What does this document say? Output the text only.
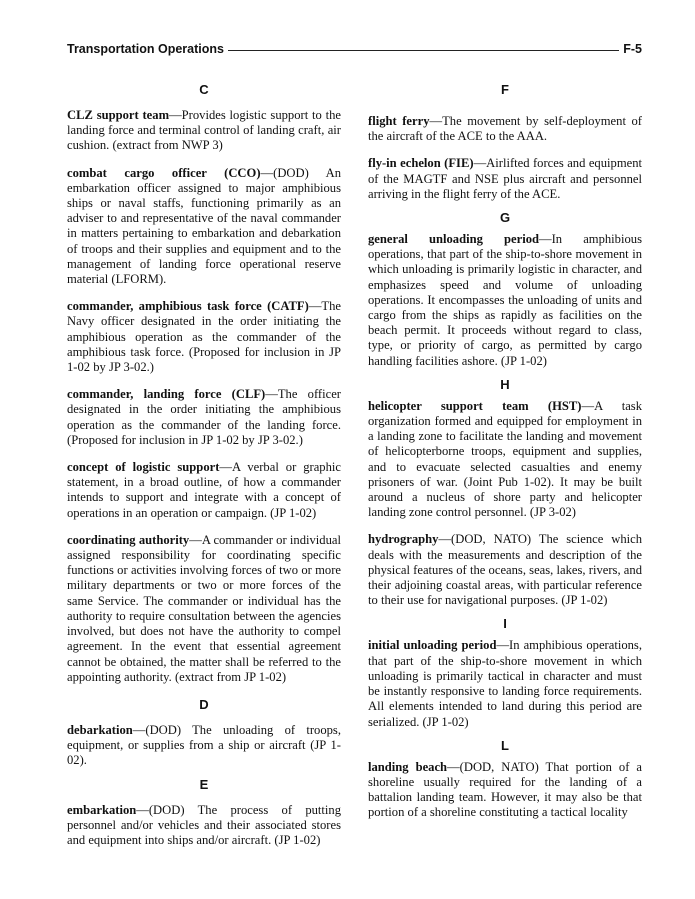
Transportation Operations	F-5
C

CLZ support team—Provides logistic support to the landing force and terminal control of landing craft, air cushion. (extract from NWP 3)

combat cargo officer (CCO)—(DOD) An embarkation officer assigned to major amphibious ships or naval staffs, functioning primarily as an adviser to and representative of the naval commander in matters pertaining to embarkation and debarkation of troops and their supplies and equipment and to the management of landing force operational reserve material (LFORM).

commander, amphibious task force (CATF)—The Navy officer designated in the order initiating the amphibious operation as the commander of the amphibious task force. (Proposed for inclusion in JP 1-02 by JP 3-02.)

commander, landing force (CLF)—The officer designated in the order initiating the amphibious operation as the commander of the landing force. (Proposed for inclusion in JP 1-02 by JP 3-02.)

concept of logistic support—A verbal or graphic statement, in a broad outline, of how a commander intends to support and integrate with a concept of operations in an operation or campaign. (JP 1-02)

coordinating authority—A commander or individual assigned responsibility for coordinating specific functions or activities involving forces of two or more military departments or two or more forces of the same Service. The commander or individual has the authority to require consultation between the agencies involved, but does not have the authority to compel agreement. In the event that essential agreement cannot be obtained, the matter shall be referred to the appointing authority. (extract from JP 1-02)

D

debarkation—(DOD) The unloading of troops, equipment, or supplies from a ship or aircraft (JP 1-02).

E

embarkation—(DOD) The process of putting personnel and/or vehicles and their associated stores and equipment into ships and/or aircraft. (JP 1-02)

F

flight ferry—The movement by self-deployment of the aircraft of the ACE to the AAA.

fly-in echelon (FIE)—Airlifted forces and equipment of the MAGTF and NSE plus aircraft and personnel arriving in the flight ferry of the ACE.

G

general unloading period—In amphibious operations, that part of the ship-to-shore movement in which unloading is primarily logistic in character, and emphasizes speed and volume of unloading operations. It encompasses the unloading of units and cargo from the ships as rapidly as facilities on the beach permit. It proceeds without regard to class, type, or priority of cargo, as permitted by cargo handling facilities ashore. (JP 1-02)

H

helicopter support team (HST)—A task organization formed and equipped for employment in a landing zone to facilitate the landing and movement of helicopterborne troops, equipment and supplies, and to evacuate selected casualties and enemy prisoners of war. (Joint Pub 1-02). It may be built around a nucleus of shore party and helicopter landing zone control personnel. (JP 3-02)

hydrography—(DOD, NATO) The science which deals with the measurements and description of the physical features of the oceans, seas, lakes, rivers, and their adjoining coastal areas, with particular reference to their use for navigational purposes. (JP 1-02)

I

initial unloading period—In amphibious operations, that part of the ship-to-shore movement in which unloading is primarily tactical in character and must be instantly responsive to landing force requirements. All elements intended to land during this period are serialized. (JP 1-02)

L

landing beach—(DOD, NATO) That portion of a shoreline usually required for the landing of a battalion landing team. However, it may also be that portion of a shoreline constituting a tactical locality
